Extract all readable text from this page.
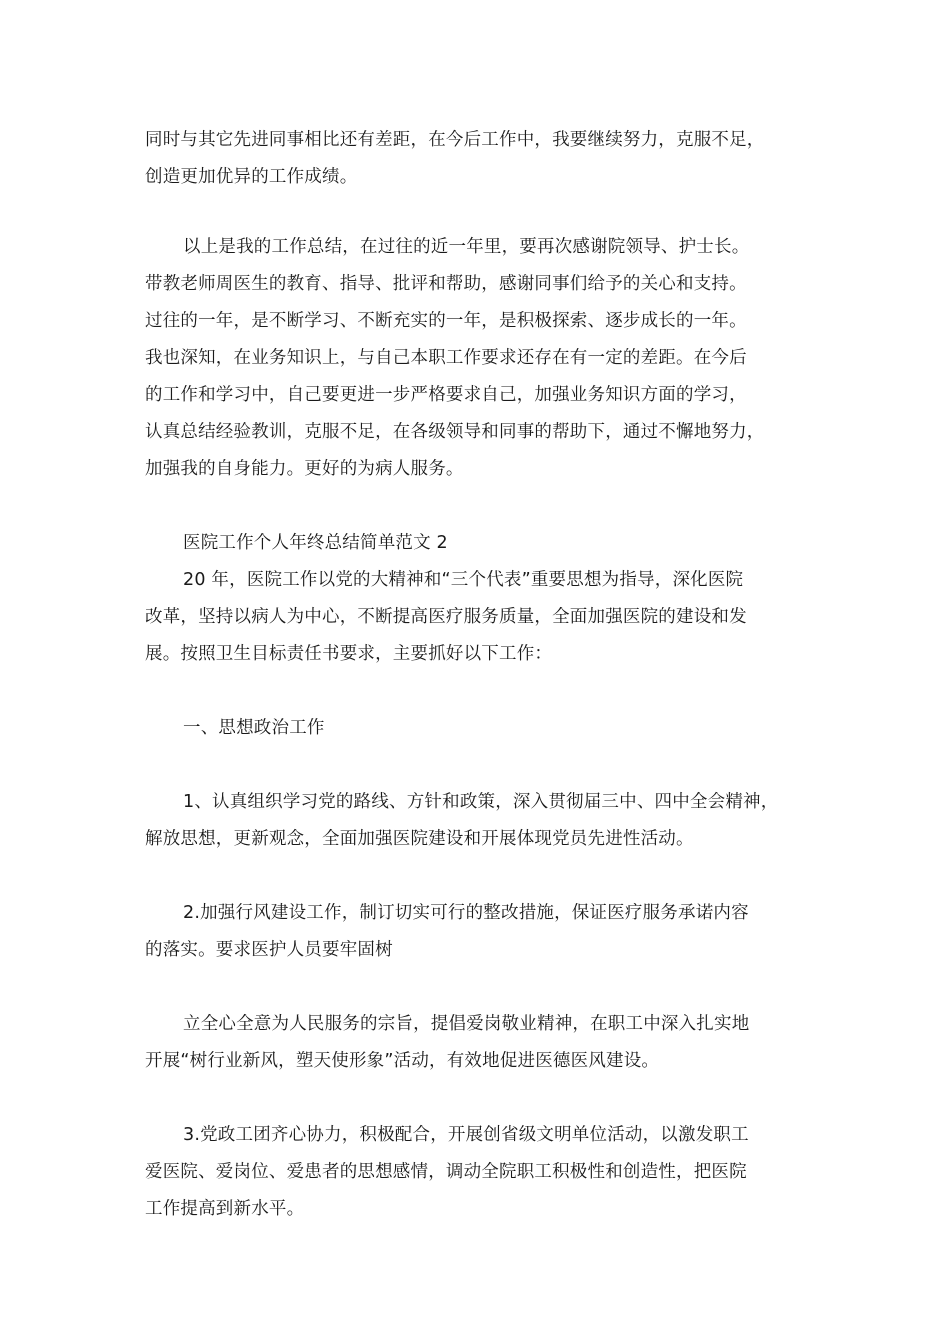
同时与其它先进同事相比还有差距，在今后工作中，我要继续努力，克服不足，
创造更加优异的工作成绩。
以上是我的工作总结，在过往的近一年里，要再次感谢院领导、护士长。
带教老师周医生的教育、指导、批评和帮助，感谢同事们给予的关心和支持。
过往的一年，是不断学习、不断充实的一年，是积极探索、逐步成长的一年。
我也深知，在业务知识上，与自己本职工作要求还存在有一定的差距。在今后
的工作和学习中，自己要更进一步严格要求自己，加强业务知识方面的学习，
认真总结经验教训，克服不足，在各级领导和同事的帮助下，通过不懈地努力，
加强我的自身能力。更好的为病人服务。
医院工作个人年终总结简单范文 2
20 年，医院工作以党的大精神和“三个代表”重要思想为指导，深化医院
改革，坚持以病人为中心，不断提高医疗服务质量，全面加强医院的建设和发
展。按照卫生目标责任书要求，主要抓好以下工作：
一、思想政治工作
1、认真组织学习党的路线、方针和政策，深入贯彻届三中、四中全会精神，
解放思想，更新观念，全面加强医院建设和开展体现党员先进性活动。
2.加强行风建设工作，制订切实可行的整改措施，保证医疗服务承诺内容
的落实。要求医护人员要牢固树
立全心全意为人民服务的宗旨，提倡爱岗敬业精神，在职工中深入扎实地
开展“树行业新风，塑天使形象”活动，有效地促进医德医风建设。
3.党政工团齐心协力，积极配合，开展创省级文明单位活动，以激发职工
爱医院、爱岗位、爱患者的思想感情，调动全院职工积极性和创造性，把医院
工作提高到新水平。
